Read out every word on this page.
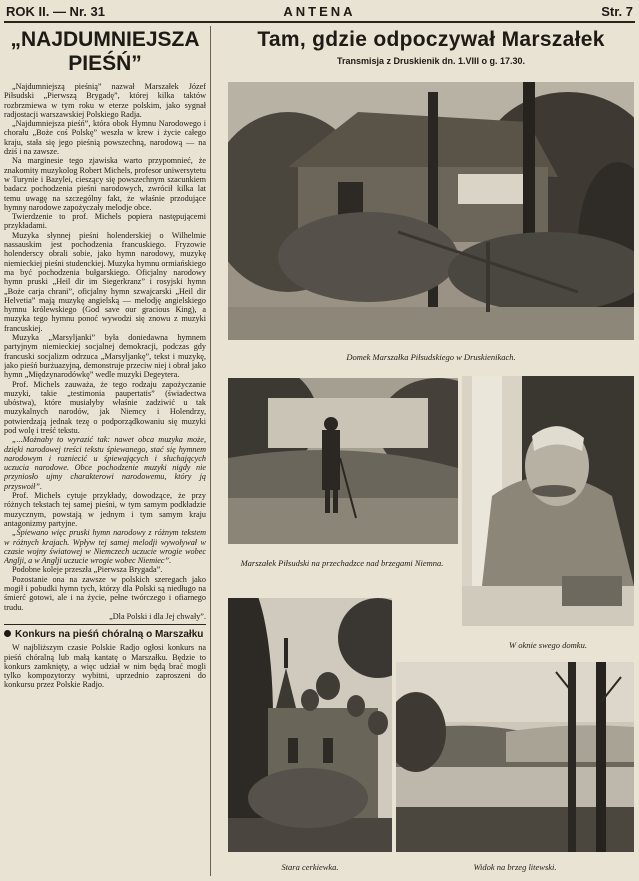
ROK II. — Nr. 31	ANTENA	Str. 7
„NAJDUMNIEJSZA
PIEŚŃ”

„Najdumniejszą pieśnią” nazwał Marszałek Józef Piłsudski „Pierwszą Brygadę”, której kilka taktów rozbrzmiewa w tym roku w eterze polskim, jako sygnał radjostacji warszawskiej Polskiego Radja.

„Najdumniejsza pieśń”, która obok Hymnu Narodowego i chorału „Boże coś Polskę” weszła w krew i życie całego kraju, stała się jego pieśnią powszechną, narodową — na dziś i na zawsze.

Na marginesie tego zjawiska warto przypomnieć, że znakomity muzykolog Robert Michels, profesor uniwersytetu w Turynie i Bazylei, cieszący się powszechnym szacunkiem badacz pochodzenia pieśni narodowych, zwrócił kilka lat temu uwagę na szczególny fakt, że właśnie przodujące hymny narodowe zapożyczały melodje obce.

Twierdzenie to prof. Michels popiera następującemi przykładami.

Muzyka słynnej pieśni holenderskiej o Wilhelmie nassauskim jest pochodzenia francuskiego. Fryzowie holenderscy obrali sobie, jako hymn narodowy, muzykę niemieckiej pieśni studenckiej. Muzyka hymnu ormiańskiego ma być pochodzenia bułgarskiego. Oficjalny narodowy hymn pruski „Heil dir im Siegerkranz” i rosyjski hymn „Boże carja chrani”, oficjalny hymn szwajcarski „Heil dir Helvetia” mają muzykę angielską — melodję angielskiego hymnu królewskiego (God save our gracious King), a muzyka tego hymnu ponoć wywodzi się znowu z muzyki francuskiej.

Muzyka „Marsyljanki” była doniedawna hymnem partyjnym niemieckiej socjalnej demokracji, podczas gdy francuski socjalizm odrzuca „Marsyljankę”, tekst i muzykę, jako pieśń burżuazyjną, demonstruje przeciw niej i obrał jako hymn „Międzynarodówkę” wedle muzyki Degeytera.

Prof. Michels zauważa, że tego rodzaju zapożyczanie muzyki, takie „testimonia paupertatis” (świadectwa ubóstwa), które musiałyby właśnie zadziwić u tak muzykalnych narodów, jak Niemcy i Holendrzy, potwierdzają jednak tezę o podporządkowaniu się muzyki pod wolę i treść tekstu.

„...Możnaby to wyrazić tak: nawet obca muzyka może, dzięki narodowej treści tekstu śpiewanego, stać się hymnem narodowym i rozniecić u śpiewających i słuchających uczucia narodowe. Obce pochodzenie muzyki nigdy nie przyniosło ujmy charakterowi narodowemu, który ją przyswoił”.

Prof. Michels cytuje przykłady, dowodzące, że przy różnych tekstach tej samej pieśni, w tym samym podkładzie muzycznym, powstają w jednym i tym samym kraju antagonizmy partyjne.

„Śpiewano więc pruski hymn narodowy z różnym tekstem w różnych krajach. Wpływ tej samej melodji wywoływał w czasie wojny światowej w Niemczech uczucie wrogie wobec Anglji, a w Anglji uczucie wrogie wobec Niemiec”.

Podobne koleje przeszła „Pierwsza Brygada”.

Pozostanie ona na zawsze w polskich szeregach jako mogił i pobudki hymn tych, którzy dla Polski są niedługo na śmierć gotowi, ale i na życie, pełne twórczego i ofiarnego trudu.

„Dla Polski i dla Jej chwały”.

Konkurs na pieśń chóralną o Marszałku

W najbliższym czasie Polskie Radjo ogłosi konkurs na pieśń chóralną lub małą kantatę o Marszałku. Będzie to konkurs zamknięty, a więc udział w nim będą brać mogli tylko kompozytorzy wybitni, uprzednio zaproszeni do konkursu przez Polskie Radjo.

Tam, gdzie odpoczywał Marszałek
Transmisja z Druskienik dn. 1.VIII o g. 17.30.
Domek Marszałka Piłsudskiego w Druskienikach.
Marszałek Piłsudski na przechadzce nad brzegami Niemna.
W oknie swego domku.
Stara cerkiewka.	Widok na brzeg litewski.
